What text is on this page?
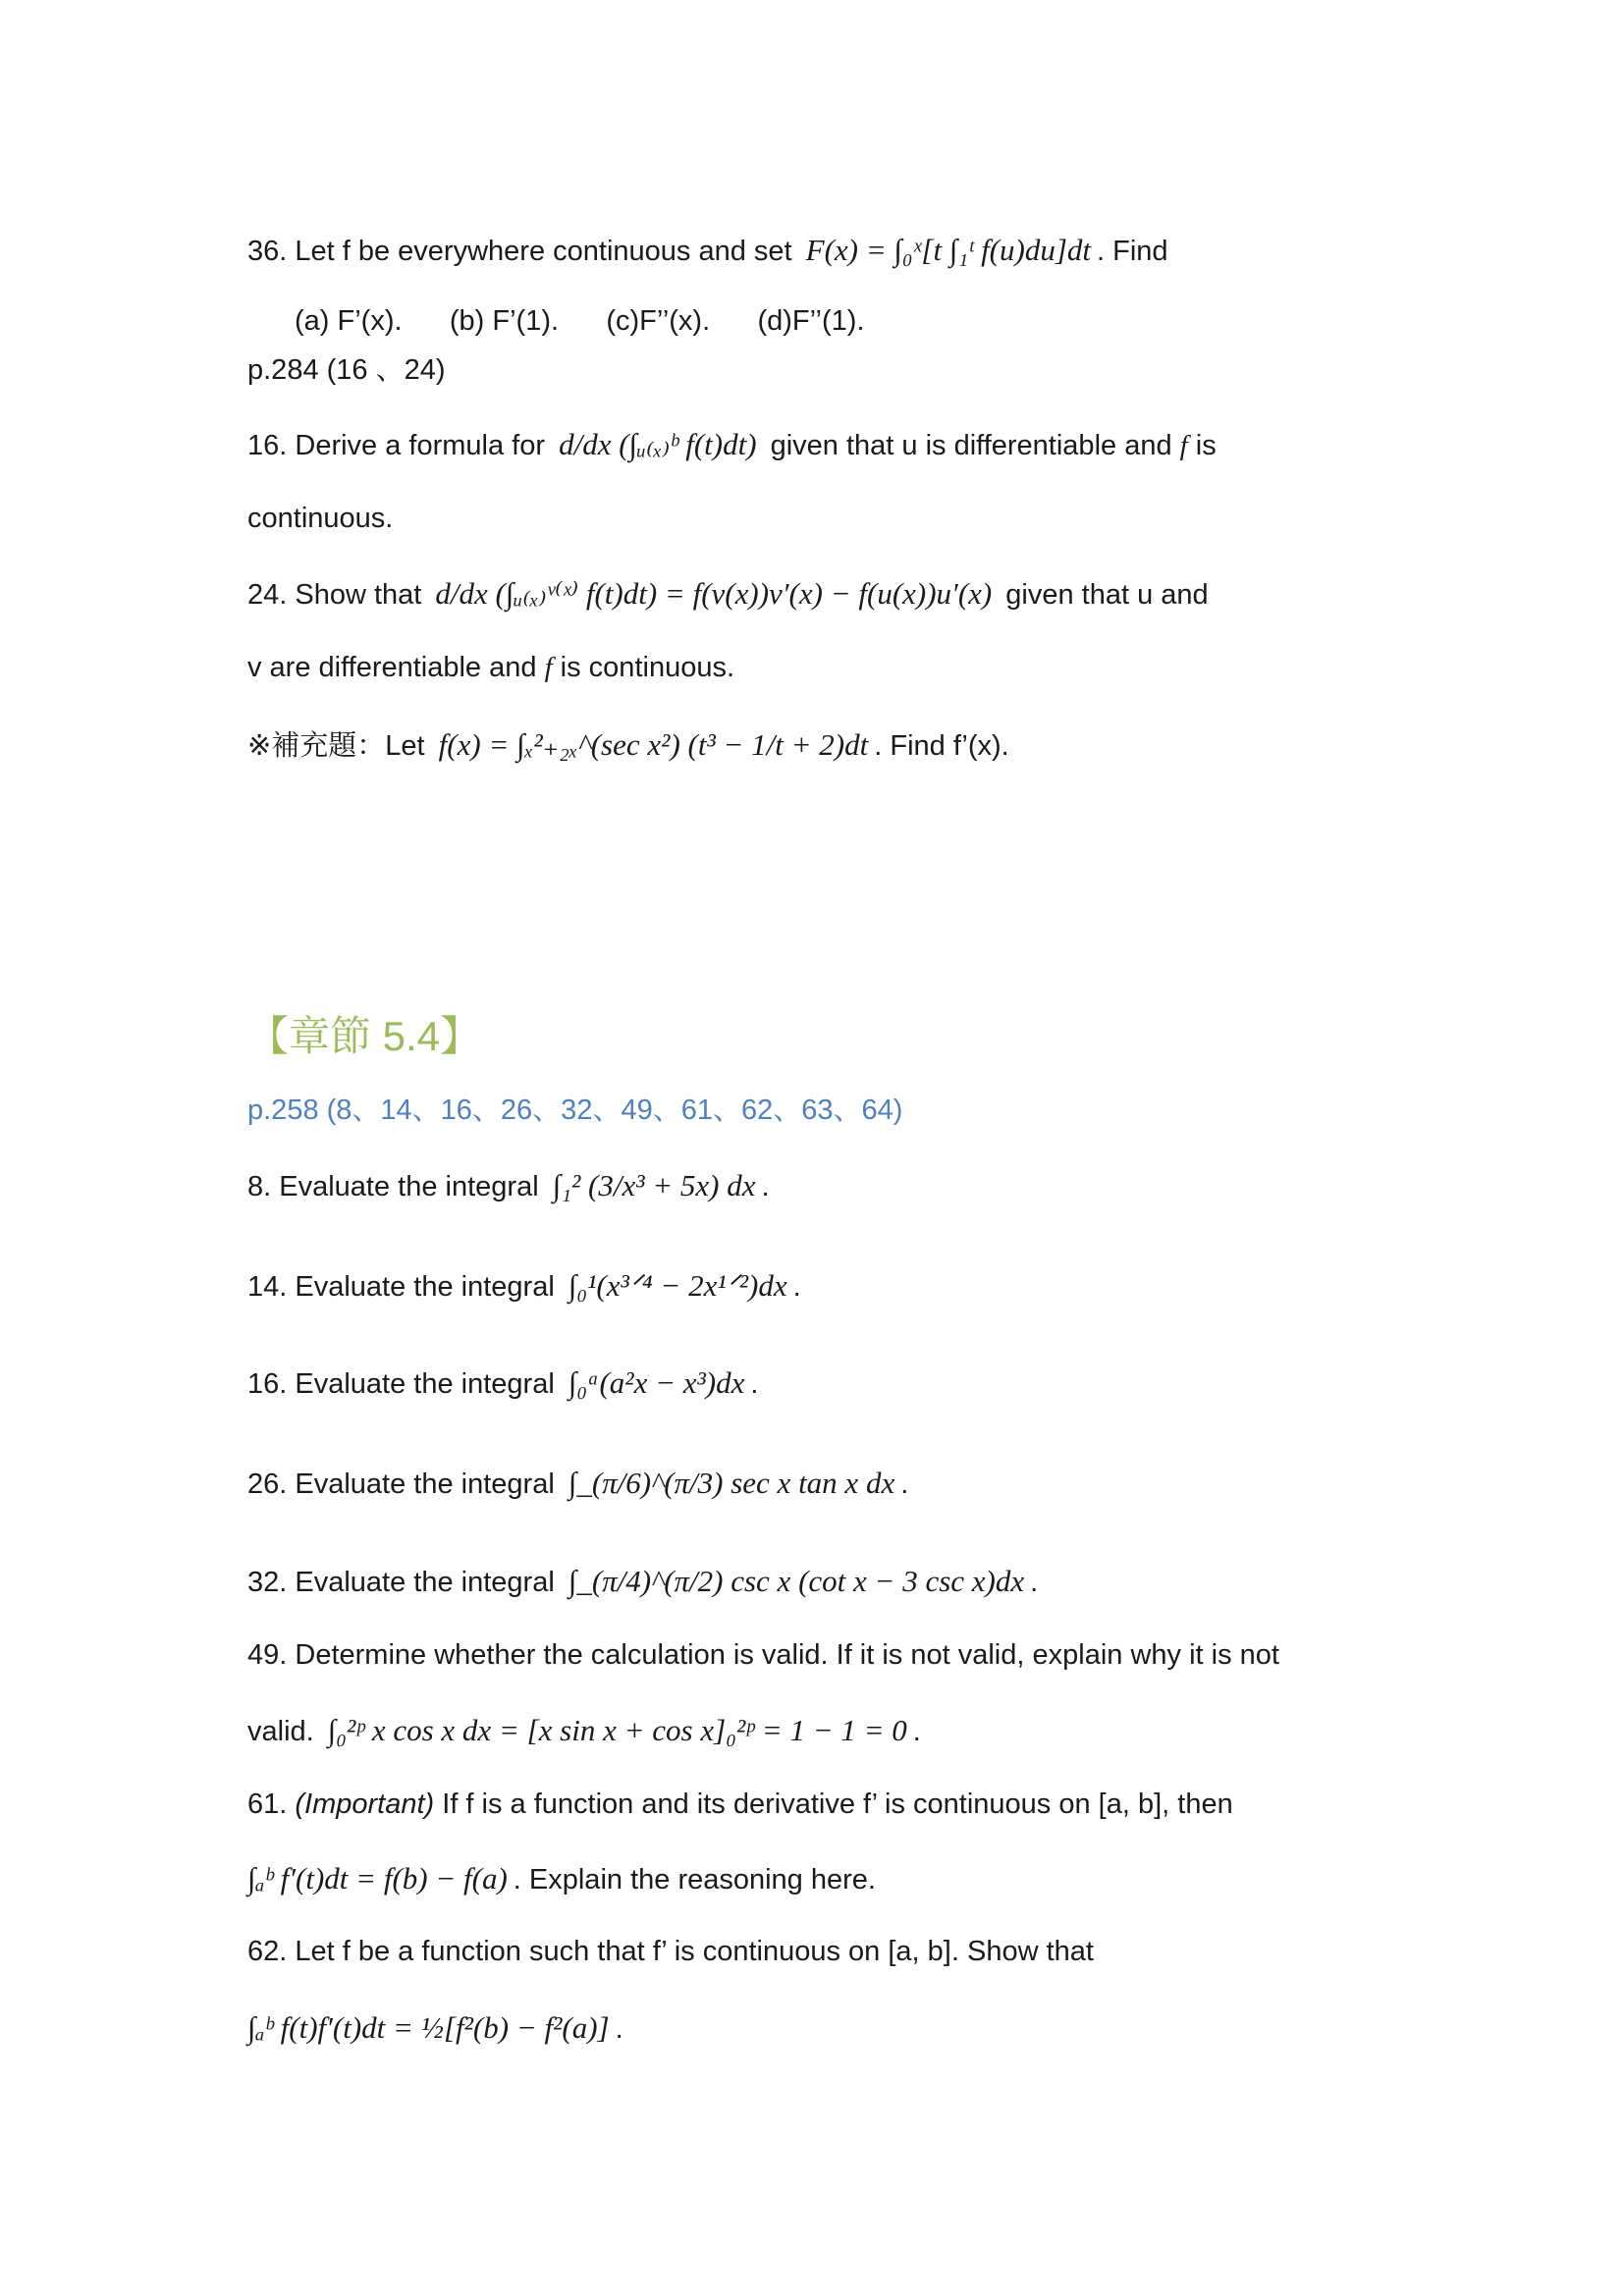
36. Let f be everywhere continuous and set F(x) = ∫₀ˣ[t ∫₁ᵗ f(u)du]dt . Find
(a) F’(x).      (b) F’(1).      (c)F’’(x).      (d)F’’(1).
p.284 (16 、24)
16. Derive a formula for d/dx (∫ᵤ₍ₓ₎ᵇ f(t)dt) given that u is differentiable and f is
continuous.
24. Show that d/dx (∫ᵤ₍ₓ₎ᵛ⁽ˣ⁾ f(t)dt) = f(v(x))v′(x) − f(u(x))u′(x) given that u and
v are differentiable and f is continuous.
※補充題：Let f(x) = ∫ₓ²₊₂ₓ^(sec x²) (t³ − 1/t + 2)dt . Find f’(x).
【章節 5.4】
p.258 (8、14、16、26、32、49、61、62、63、64)
8. Evaluate the integral ∫₁² (3/x³ + 5x) dx .
14. Evaluate the integral ∫₀¹(x³ᐟ⁴ − 2x¹ᐟ²)dx .
16. Evaluate the integral ∫₀ᵃ(a²x − x³)dx .
26. Evaluate the integral ∫_(π/6)^(π/3) sec x tan x dx .
32. Evaluate the integral ∫_(π/4)^(π/2) csc x (cot x − 3 csc x)dx .
49. Determine whether the calculation is valid. If it is not valid, explain why it is not
valid. ∫₀²ᵖ x cos x dx = [x sin x + cos x]₀²ᵖ = 1 − 1 = 0 .
61. (Important) If f is a function and its derivative f’ is continuous on [a, b], then
∫ₐᵇ f′(t)dt = f(b) − f(a) . Explain the reasoning here.
62. Let f be a function such that f’ is continuous on [a, b]. Show that
∫ₐᵇ f(t)f′(t)dt = ½[f²(b) − f²(a)] .
